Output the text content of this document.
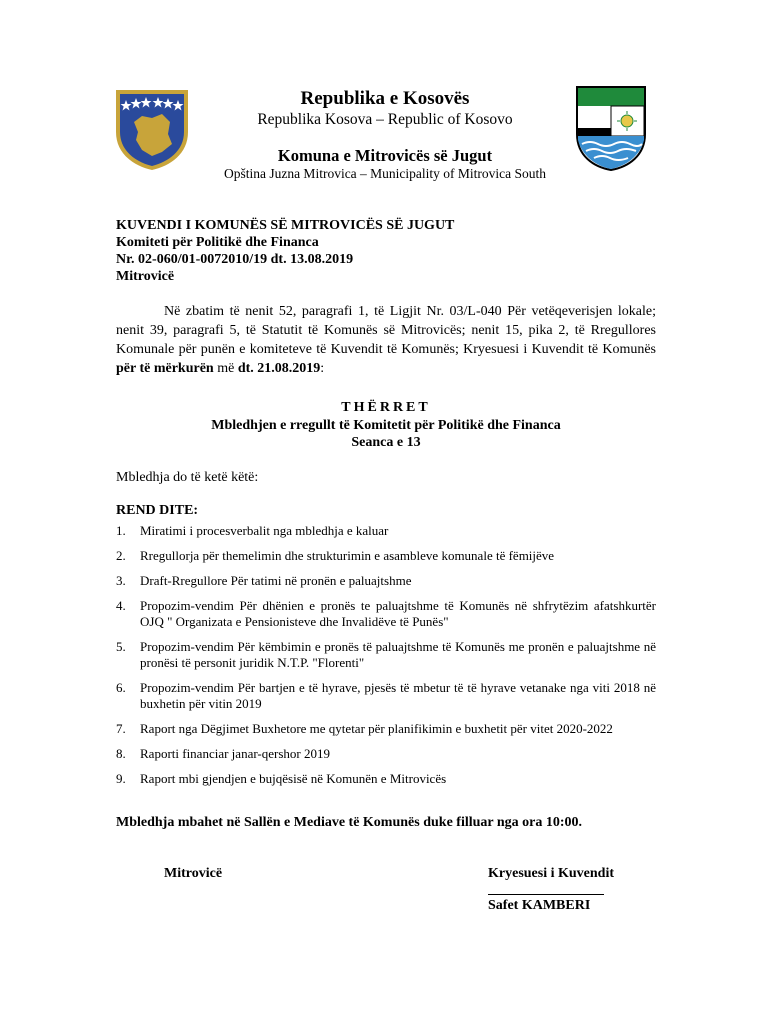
Republika e Kosovës
Republika Kosova – Republic of Kosovo
Komuna e Mitrovicës së Jugut
Opština Juzna Mitrovica – Municipality of Mitrovica South
KUVENDI I KOMUNËS SË MITROVICËS SË JUGUT
Komiteti për Politikë dhe Financa
Nr. 02-060/01-0072010/19 dt. 13.08.2019
Mitrovicë
Në zbatim të nenit 52, paragrafi 1, të Ligjit Nr. 03/L-040 Për vetëqeverisjen lokale; nenit 39, paragrafi 5, të Statutit të Komunës së Mitrovicës; nenit 15, pika 2, të Rregullores Komunale për punën e komiteteve të Kuvendit të Komunës; Kryesuesi i Kuvendit të Komunës për të mërkurën më dt. 21.08.2019:
THËRRET
Mbledhjen e rregullt të Komitetit për Politikë dhe Financa
Seanca e 13
Mbledhja do të ketë këtë:
REND DITE:
1. Miratimi i procesverbalit nga mbledhja e kaluar
2. Rregullorja për themelimin dhe strukturimin e asambleve komunale të fëmijëve
3. Draft-Rregullore Për tatimi në pronën e paluajtshme
4. Propozim-vendim Për dhënien e pronës te paluajtshme të Komunës në shfrytëzim afatshkurtër OJQ " Organizata e Pensionisteve dhe Invalidëve të Punës"
5. Propozim-vendim Për këmbimin e pronës të paluajtshme të Komunës me pronën e paluajtshme në pronësi të personit juridik N.T.P. "Florenti"
6. Propozim-vendim Për bartjen e të hyrave, pjesës të mbetur të të hyrave vetanake nga viti 2018 në buxhetin për vitin 2019
7. Raport nga Dëgjimet Buxhetore me qytetar për planifikimin e buxhetit për vitet 2020-2022
8. Raporti financiar janar-qershor 2019
9. Raport mbi gjendjen e bujqësisë në Komunën e Mitrovicës
Mbledhja mbahet në Sallën e Mediave të Komunës duke filluar nga ora 10:00.
Mitrovicë	Kryesuesi i Kuvendit
Safet KAMBERI
